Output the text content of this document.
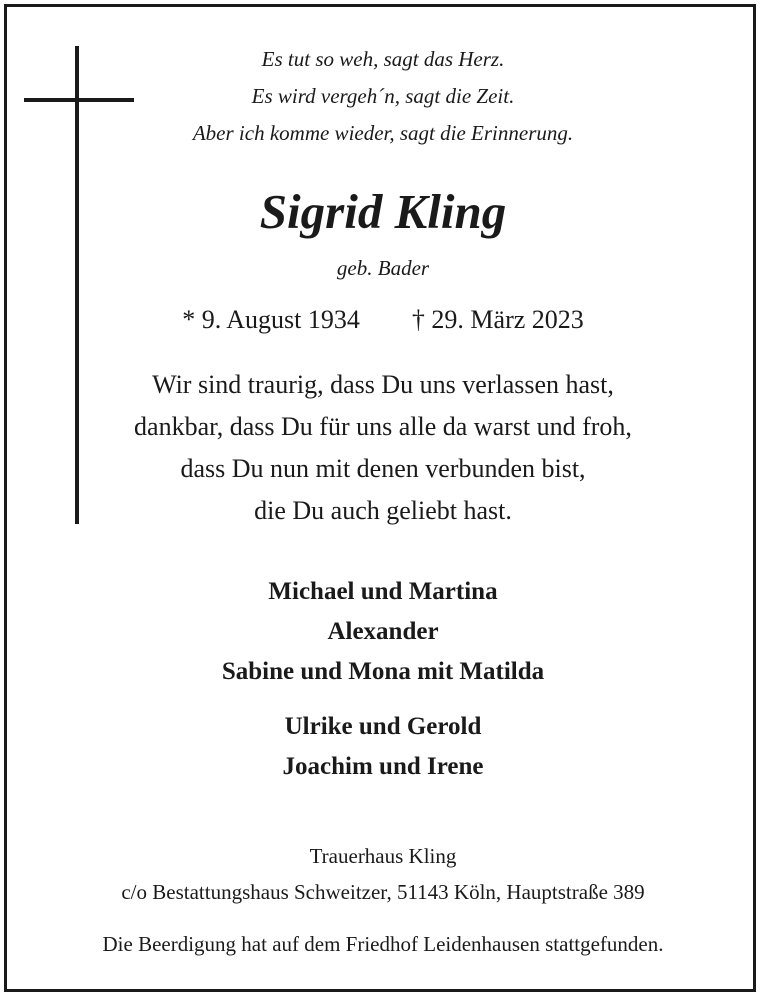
Es tut so weh, sagt das Herz.
Es wird vergeh´n, sagt die Zeit.
Aber ich komme wieder, sagt die Erinnerung.
Sigrid Kling
geb. Bader
* 9. August 1934 † 29. März 2023
Wir sind traurig, dass Du uns verlassen hast,
dankbar, dass Du für uns alle da warst und froh,
dass Du nun mit denen verbunden bist,
die Du auch geliebt hast.
Michael und Martina
Alexander
Sabine und Mona mit Matilda
Ulrike und Gerold
Joachim und Irene
Trauerhaus Kling
c/o Bestattungshaus Schweitzer, 51143 Köln, Hauptstraße 389
Die Beerdigung hat auf dem Friedhof Leidenhausen stattgefunden.
